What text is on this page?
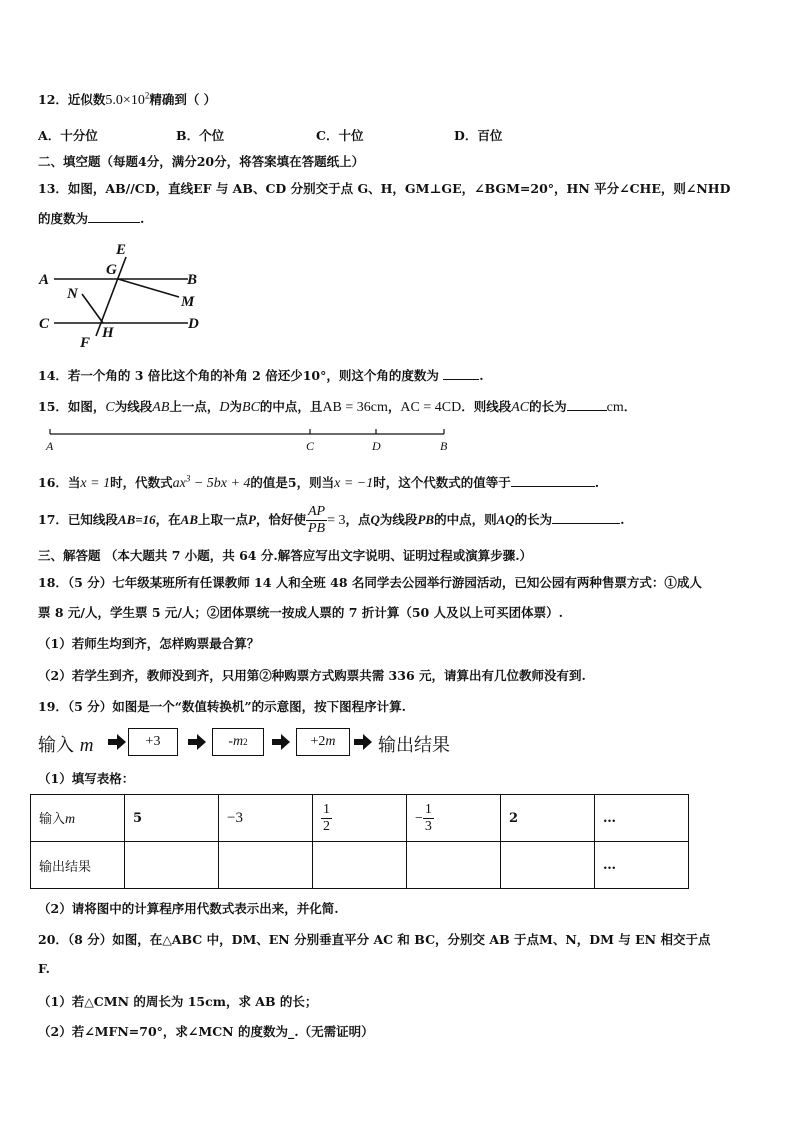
12．近似数$5.0\times 10^2$精确到（ ）
A．十分位	B．个位	C．十位	D．百位
二、填空题（每题4分，满分20分，将答案填在答题纸上）
13．如图，AB//CD，直线EF 与 AB、CD 分别交于点 G、H，GM⊥GE，∠BGM=20°，HN 平分∠CHE，则∠NHD
的度数为	.
E
G
A	B
N	M
C
H
D
F
14．若一个角的 3 倍比这个角的补角 2 倍还少10°，则这个角的度数为	.
15．如图，C为线段AB上一点，D为BC的中点，且AB = 36cm，AC = 4CD．则线段AC的长为	cm．
A	C	D	B
16．当x = 1时，代数式$ax^3 - 5bx + 4$的值是5，则当x = −1时，这个代数式的值等于	.
17．已知线段AB=16，在AB上取一点P，恰好使 $\frac{AP}{PB} = 3$，点Q为线段PB的中点，则AQ的长为	.
三、解答题 （本大题共 7 小题，共 64 分.解答应写出文字说明、证明过程或演算步骤.）
18．（5 分）七年级某班所有任课教师 14 人和全班 48 名同学去公园举行游园活动，已知公园有两种售票方式：①成人
票 8 元/人，学生票 5 元/人；②团体票统一按成人票的 7 折计算（50 人及以上可买团体票）.
（1）若师生均到齐，怎样购票最合算？
（2）若学生到齐，教师没到齐，只用第②种购票方式购票共需 336 元，请算出有几位教师没有到.
19．（5 分）如图是一个“数值转换机”的示意图，按下图程序计算.
输入 m	+3	- m 2	+2 m 输出结果
（1）填写表格：
输入m	5	−3	$\frac{1}{2}$	− $\frac{1}{3}$	2	…
输出结果						…
（2）请将图中的计算程序用代数式表示出来，并化简.
20．（8 分）如图，在△ABC 中，DM、EN 分别垂直平分 AC 和 BC，分别交 AB 于点M、N，DM 与 EN 相交于点
F.
（1）若△CMN 的周长为 15cm，求 AB 的长；
（2）若∠MFN=70°，求∠MCN 的度数为_.（无需证明）
